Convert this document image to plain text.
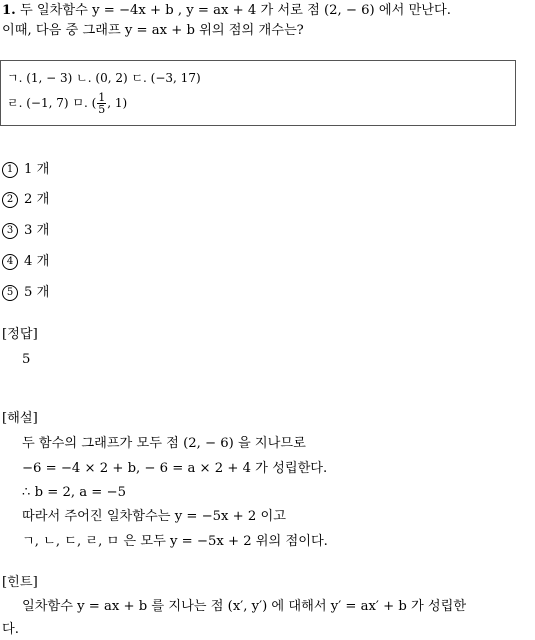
1. 두 일차함수 y = −4x + b , y = ax + 4 가 서로 점 (2, − 6) 에서 만난다.
이때, 다음 중 그래프 y = ax + b 위의 점의 개수는?
ㄱ. (1, − 3) ㄴ. (0, 2) ㄷ. (−3, 17)
ㄹ. (−1, 7) ㅁ. ( $\frac{1}{5}$ , 1)
1 1 개
2 2 개
3 3 개
4 4 개
5 5 개
[정답]
5
[해설]
두 함수의 그래프가 모두 점 (2, − 6) 을 지나므로
−6 = −4 × 2 + b, − 6 = a × 2 + 4 가 성립한다.
∴ b = 2, a = −5
따라서 주어진 일차함수는 y = −5x + 2 이고
ㄱ, ㄴ, ㄷ, ㄹ, ㅁ 은 모두 y = −5x + 2 위의 점이다.
[힌트]
일차함수 y = ax + b 를 지나는 점 (x′, y′) 에 대해서 y′ = ax′ + b 가 성립한
다.
